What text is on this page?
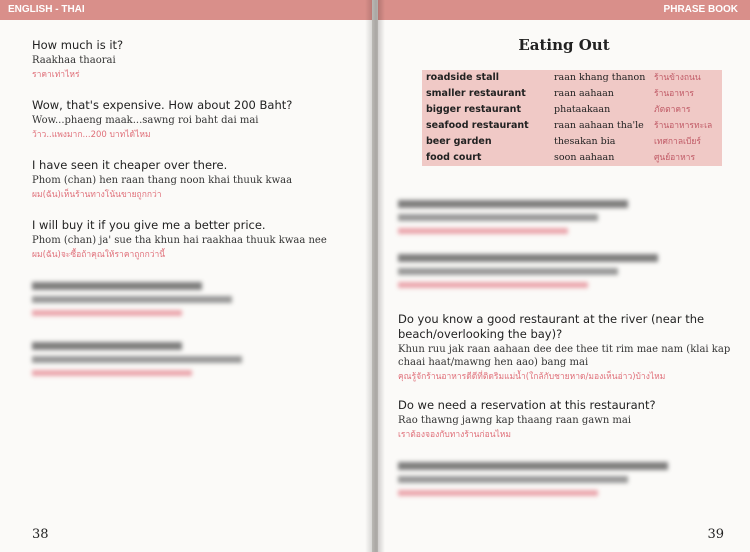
ENGLISH - THAI
How much is it?
Raakhaa thaorai
ราคาเท่าไหร่
Wow, that's expensive. How about 200 Baht?
Wow...phaeng maak...sawng roi baht dai mai
ว้าว..แพงมาก...200 บาทได้ไหม
I have seen it cheaper over there.
Phom (chan) hen raan thang noon khai thuuk kwaa
ผม(ฉัน)เห็นร้านทางโน้นขายถูกกว่า
I will buy it if you give me a better price.
Phom (chan) ja' sue tha khun hai raakhaa thuuk kwaa nee
ผม(ฉัน)จะซื้อถ้าคุณให้ราคาถูกกว่านี้
38
PHRASE BOOK
Eating Out
roadside stall	raan khang thanon	ร้านข้างถนน
smaller restaurant	raan aahaan	ร้านอาหาร
bigger restaurant	phataakaan	ภัตตาคาร
seafood restaurant	raan aahaan tha'le	ร้านอาหารทะเล
beer garden	thesakan bia	เทศกาลเบียร์
food court	soon aahaan	ศูนย์อาหาร
Do you know a good restaurant at the river (near the beach/overlooking the bay)?
Khun ruu jak raan aahaan dee dee thee tit rim mae nam (klai kap chaai haat/mawng hen aao) bang mai
คุณรู้จักร้านอาหารดีดีที่ติดริมแม่น้ำ(ใกล้กับชายหาด/มองเห็นอ่าว)บ้างไหม
Do we need a reservation at this restaurant?
Rao thawng jawng kap thaang raan gawn mai
เราต้องจองกับทางร้านก่อนไหม
39
